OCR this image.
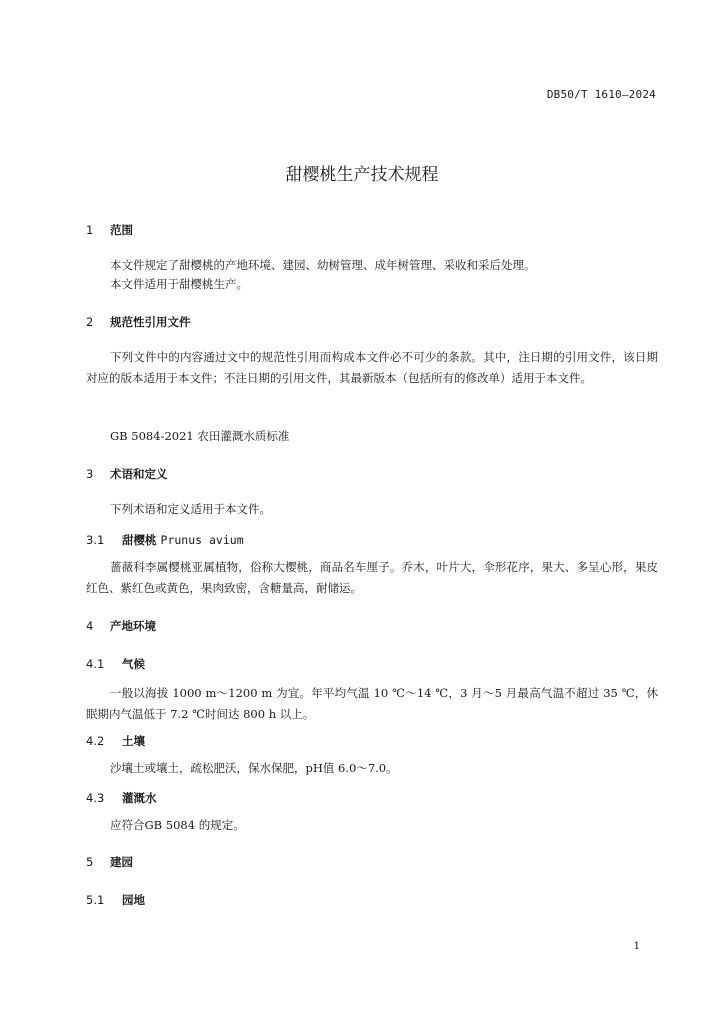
DB50/T 1610—2024
甜樱桃生产技术规程
1 范围
本文件规定了甜樱桃的产地环境、建园、幼树管理、成年树管理、采收和采后处理。
本文件适用于甜樱桃生产。
2 规范性引用文件
下列文件中的内容通过文中的规范性引用而构成本文件必不可少的条款。其中，注日期的引用文件，该日期对应的版本适用于本文件；不注日期的引用文件，其最新版本（包括所有的修改单）适用于本文件。
GB 5084-2021 农田灌溉水质标准
3 术语和定义
下列术语和定义适用于本文件。
3.1 甜樱桃 Prunus avium
蔷薇科李属樱桃亚属植物，俗称大樱桃，商品名车厘子。乔木，叶片大，伞形花序，果大、多呈心形，果皮红色、紫红色或黄色，果肉致密，含糖量高，耐储运。
4 产地环境
4.1 气候
一般以海拔 1000 m～1200 m 为宜。年平均气温 10 ℃～14 ℃，3 月～5 月最高气温不超过 35 ℃，休眠期内气温低于 7.2 ℃时间达 800 h 以上。
4.2 土壤
沙壤土或壤土，疏松肥沃，保水保肥，pH值 6.0～7.0。
4.3 灌溉水
应符合GB 5084 的规定。
5 建园
5.1 园地
1
